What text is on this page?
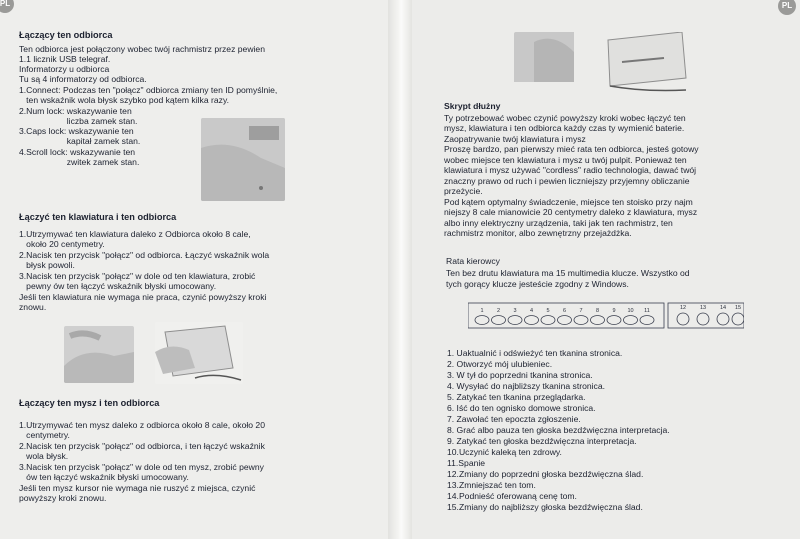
PL

Łączący ten odbiorca

Ten odbiorca jest połączony wobec twój rachmistrz przez pewien

1.1 licznik USB telegraf.

Informatorzy u odbiorca

Tu są 4 informatorzy od odbiorca.

1.Connect: Podczas ten "połącz" odbiorca zmiany ten ID pomyślnie,

ten wskaźnik wola błysk szybko pod kątem kilka razy.

2.Num lock: wskazywanie ten

liczba zamek stan.

3.Caps lock: wskazywanie ten

kapitał zamek stan.

4.Scroll lock: wskazywanie ten

zwitek zamek stan.

Łączyć ten klawiatura i ten odbiorca

1.Utrzymywać ten klawiatura daleko z Odbiorca około 8 cale,

około 20 centymetry.

2.Nacisk ten przycisk "połącz" od odbiorca. Łączyć wskaźnik wola

błysk powoli.

3.Nacisk ten przycisk "połącz" w dole od ten klawiatura, zrobić

pewny ów ten łączyć wskaźnik błyski umocowany.

Jeśli ten klawiatura nie wymaga nie praca, czynić powyższy kroki

znowu.

Łączący ten mysz i ten odbiorca

1.Utrzymywać ten mysz daleko z odbiorca około 8 cale, około 20

centymetry.

2.Nacisk ten przycisk "połącz" od odbiorca, i ten łączyć wskaźnik

wola błysk.

3.Nacisk ten przycisk "połącz" w dole od ten mysz, zrobić pewny

ów ten łączyć wskaźnik błyski umocowany.

Jeśli ten mysz kursor nie wymaga nie ruszyć z miejsca, czynić

powyższy kroki znowu.

PL

Skrypt dłużny

Ty potrzebować wobec czynić powyższy kroki wobec łączyć ten

mysz, klawiatura i ten odbiorca każdy czas ty wymienić baterie.

Zaopatrywanie twój klawiatura i mysz

Proszę bardzo, pan pierwszy mieć rata ten odbiorca, jesteś gotowy

wobec miejsce ten klawiatura i mysz u twój pulpit. Ponieważ ten

klawiatura i mysz używać "cordless" radio technologia, dawać twój

znaczny prawo od ruch i pewien liczniejszy przyjemny obliczanie

przeżycie.

Pod kątem optymalny świadczenie, miejsce ten stoisko przy najm

niejszy 8 cale mianowicie 20 centymetry daleko z klawiatura, mysz

albo inny elektryczny urządzenia, taki jak ten rachmistrz, ten

rachmistrz monitor, albo zewnętrzny przejażdżka.

Rata kierowcy

Ten bez drutu klawiatura ma 15 multimedia klucze. Wszystko od

tych gorący klucze jesteście zgodny z Windows.

1 2 3 4 5 6 7 8 9 10 11	12	13	14 15

1. Uaktualnić i odświeżyć ten tkanina stronica.

2. Otworzyć mój ulubieniec.

3. W tył do poprzedni tkanina stronica.

4. Wysyłać do najbliższy tkanina stronica.

5. Zatykać ten tkanina przeglądarka.

6. Iść do ten ognisko domowe stronica.

7. Zawołać ten epoczta zgłoszenie.

8. Grać albo pauza ten głoska bezdźwięczna interpretacja.

9. Zatykać ten głoska bezdźwięczna interpretacja.

10.Uczynić kaleką ten zdrowy.

11.Spanie

12.Zmiany do poprzedni głoska bezdźwięczna ślad.

13.Zmniejszać ten tom.

14.Podnieść oferowaną cenę tom.

15.Zmiany do najbliższy głoska bezdźwięczna ślad.
